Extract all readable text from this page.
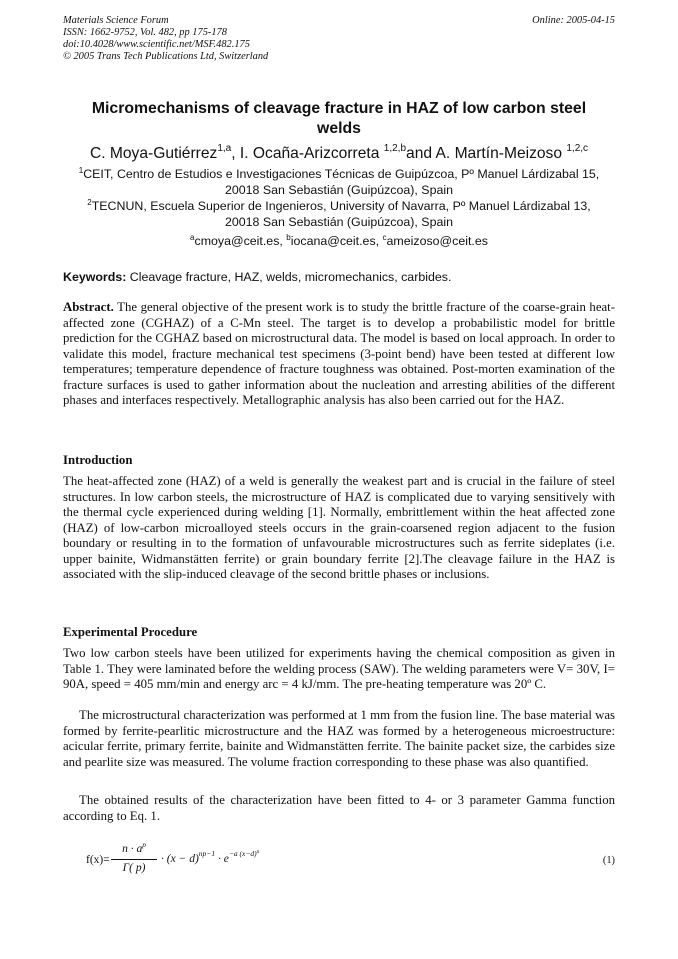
Materials Science Forum
ISSN: 1662-9752, Vol. 482, pp 175-178
doi:10.4028/www.scientific.net/MSF.482.175
© 2005 Trans Tech Publications Ltd, Switzerland
Online: 2005-04-15
Micromechanisms of cleavage fracture in HAZ of low carbon steel
welds
C. Moya-Gutiérrez$^{1,a}$, I. Ocaña-Arizcorreta $^{1,2,b}$and A. Martín-Meizoso $^{1,2,c}$
$^1$CEIT, Centro de Estudios e Investigaciones Técnicas de Guipúzcoa, Pº Manuel Lárdizabal 15,
20018 San Sebastián (Guipúzcoa), Spain
$^2$TECNUN, Escuela Superior de Ingenieros, University of Navarra, Pº Manuel Lárdizabal 13,
20018 San Sebastián (Guipúzcoa), Spain
$^a$cmoya@ceit.es, $^b$iocana@ceit.es, $^c$ameizoso@ceit.es
Keywords: Cleavage fracture, HAZ, welds, micromechanics, carbides.
Abstract. The general objective of the present work is to study the brittle fracture of the coarse-grain heat-affected zone (CGHAZ) of a C-Mn steel. The target is to develop a probabilistic model for brittle prediction for the CGHAZ based on microstructural data. The model is based on local approach. In order to validate this model, fracture mechanical test specimens (3-point bend) have been tested at different low temperatures; temperature dependence of fracture toughness was obtained. Post-morten examination of the fracture surfaces is used to gather information about the nucleation and arresting abilities of the different phases and interfaces respectively. Metallographic analysis has also been carried out for the HAZ.
Introduction
The heat-affected zone (HAZ) of a weld is generally the weakest part and is crucial in the failure of steel structures. In low carbon steels, the microstructure of HAZ is complicated due to varying sensitively with the thermal cycle experienced during welding [1]. Normally, embrittlement within the heat affected zone (HAZ) of low-carbon microalloyed steels occurs in the grain-coarsened region adjacent to the fusion boundary or resulting in to the formation of unfavourable microstructures such as ferrite sideplates (i.e. upper bainite, Widmanstätten ferrite) or grain boundary ferrite [2].The cleavage failure in the HAZ is associated with the slip-induced cleavage of the second brittle phases or inclusions.
Experimental Procedure
Two low carbon steels have been utilized for experiments having the chemical composition as given in Table 1. They were laminated before the welding process (SAW). The welding parameters were V= 30V, I= 90A, speed = 405 mm/min and energy arc = 4 kJ/mm. The pre-heating temperature was 20º C.
The microstructural characterization was performed at 1 mm from the fusion line. The base material was formed by ferrite-pearlitic microstructure and the HAZ was formed by a heterogeneous microestructure: acicular ferrite, primary ferrite, bainite and Widmanstätten ferrite. The bainite packet size, the carbides size and pearlite size was measured. The volume fraction corresponding to these phase was also quantified.
The obtained results of the characterization have been fitted to 4- or 3 parameter Gamma function according to Eq. 1.
f(x)=
$n \cdot a^p$
Γ( p)
· $(x - d)^{np-1} \cdot e^{-a (x-d)^n}$
(1)
